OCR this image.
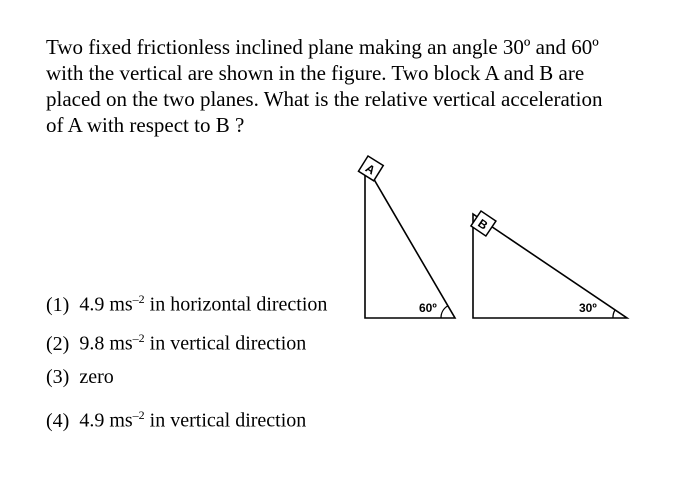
Two fixed frictionless inclined plane making an angle 30º and 60º

with the vertical are shown in the figure. Two block A and B are

placed on the two planes. What is the relative vertical acceleration

of A with respect to B ?

(1) 4.9 $ms^{-2}$ in horizontal direction
(2) 9.8 $ms^{-2}$ in vertical direction
(3) zero
(4) 4.9 $ms^{-2}$ in vertical direction
A
60º
B
30º
